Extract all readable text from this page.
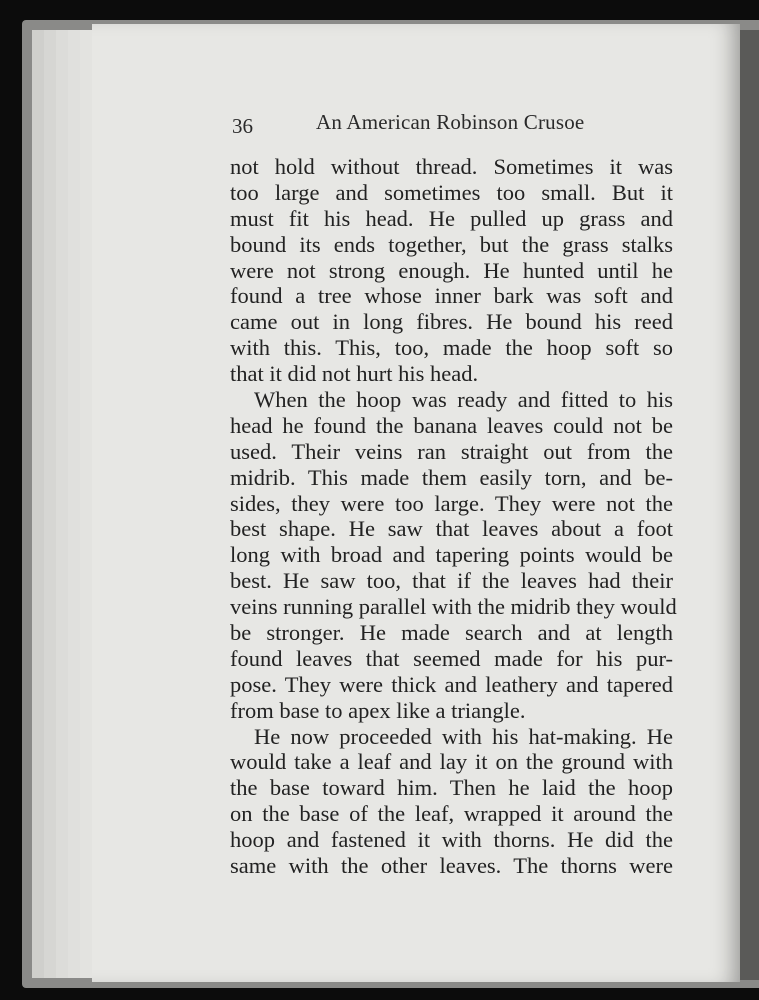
36	An American Robinson Crusoe
not hold without thread. Sometimes it was
too large and sometimes too small. But it
must fit his head. He pulled up grass and
bound its ends together, but the grass stalks
were not strong enough. He hunted until he
found a tree whose inner bark was soft and
came out in long fibres. He bound his reed
with this. This, too, made the hoop soft so
that it did not hurt his head.
When the hoop was ready and fitted to his
head he found the banana leaves could not be
used. Their veins ran straight out from the
midrib. This made them easily torn, and be-
sides, they were too large. They were not the
best shape. He saw that leaves about a foot
long with broad and tapering points would be
best. He saw too, that if the leaves had their
veins running parallel with the midrib they would
be stronger. He made search and at length
found leaves that seemed made for his pur-
pose. They were thick and leathery and tapered
from base to apex like a triangle.
He now proceeded with his hat-making. He
would take a leaf and lay it on the ground with
the base toward him. Then he laid the hoop
on the base of the leaf, wrapped it around the
hoop and fastened it with thorns. He did the
same with the other leaves. The thorns were
